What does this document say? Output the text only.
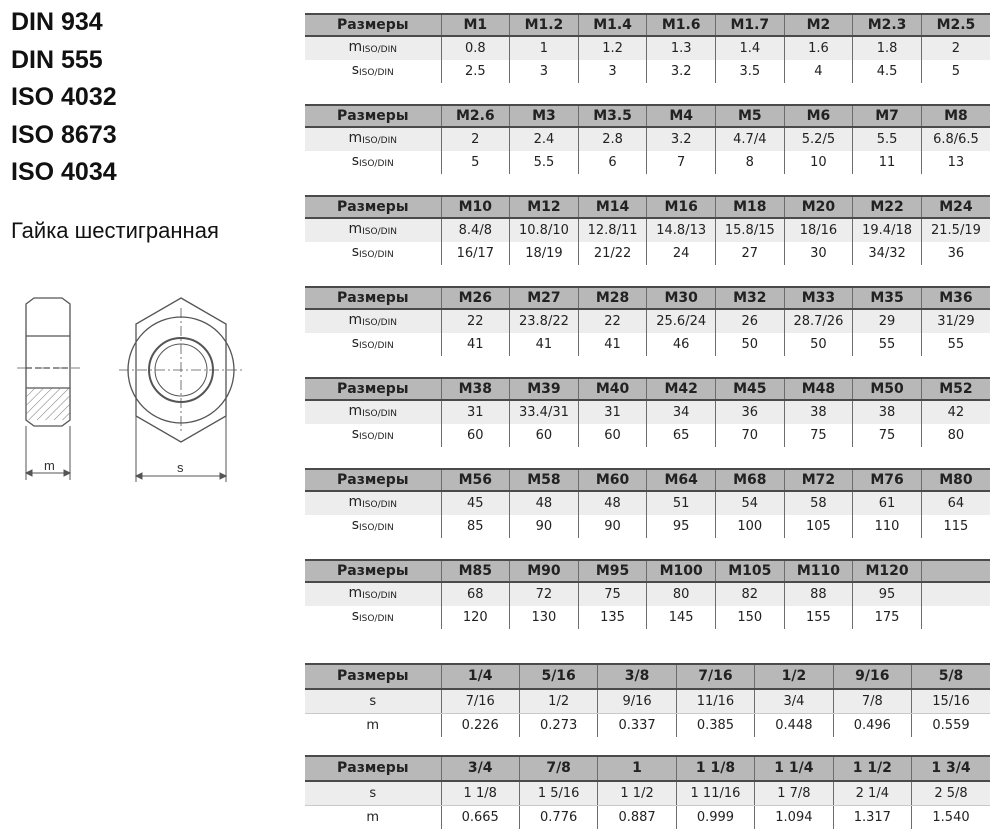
DIN 934
DIN 555
ISO 4032
ISO 8673
ISO 4034
Гайка шестигранная
m	s
Размеры	M1	M1.2	M1.4	M1.6	M1.7	M2	M2.3	M2.5
$m_{ISO/DIN}$	0.8	1	1.2	1.3	1.4	1.6	1.8	2
$s_{ISO/DIN}$	2.5	3	3	3.2	3.5	4	4.5	5
Размеры	M2.6	M3	M3.5	M4	M5	M6	M7	M8
$m_{ISO/DIN}$	2	2.4	2.8	3.2	4.7/4	5.2/5	5.5	6.8/6.5
$s_{ISO/DIN}$	5	5.5	6	7	8	10	11	13
Размеры	M10	M12	M14	M16	M18	M20	M22	M24
$m_{ISO/DIN}$	8.4/8	10.8/10	12.8/11	14.8/13	15.8/15	18/16	19.4/18	21.5/19
$s_{ISO/DIN}$	16/17	18/19	21/22	24	27	30	34/32	36
Размеры	M26	M27	M28	M30	M32	M33	M35	M36
$m_{ISO/DIN}$	22	23.8/22	22	25.6/24	26	28.7/26	29	31/29
$s_{ISO/DIN}$	41	41	41	46	50	50	55	55
Размеры	M38	M39	M40	M42	M45	M48	M50	M52
$m_{ISO/DIN}$	31	33.4/31	31	34	36	38	38	42
$s_{ISO/DIN}$	60	60	60	65	70	75	75	80
Размеры	M56	M58	M60	M64	M68	M72	M76	M80
$m_{ISO/DIN}$	45	48	48	51	54	58	61	64
$s_{ISO/DIN}$	85	90	90	95	100	105	110	115
Размеры	M85	M90	M95	M100	M105	M110	M120	
$m_{ISO/DIN}$	68	72	75	80	82	88	95	
$s_{ISO/DIN}$	120	130	135	145	150	155	175	
Размеры	1/4	5/16	3/8	7/16	1/2	9/16	5/8
s	7/16	1/2	9/16	11/16	3/4	7/8	15/16
m	0.226	0.273	0.337	0.385	0.448	0.496	0.559
Размеры	3/4	7/8	1	1 1/8	1 1/4	1 1/2	1 3/4
s	1 1/8	1 5/16	1 1/2	1 11/16	1 7/8	2 1/4	2 5/8
m	0.665	0.776	0.887	0.999	1.094	1.317	1.540
